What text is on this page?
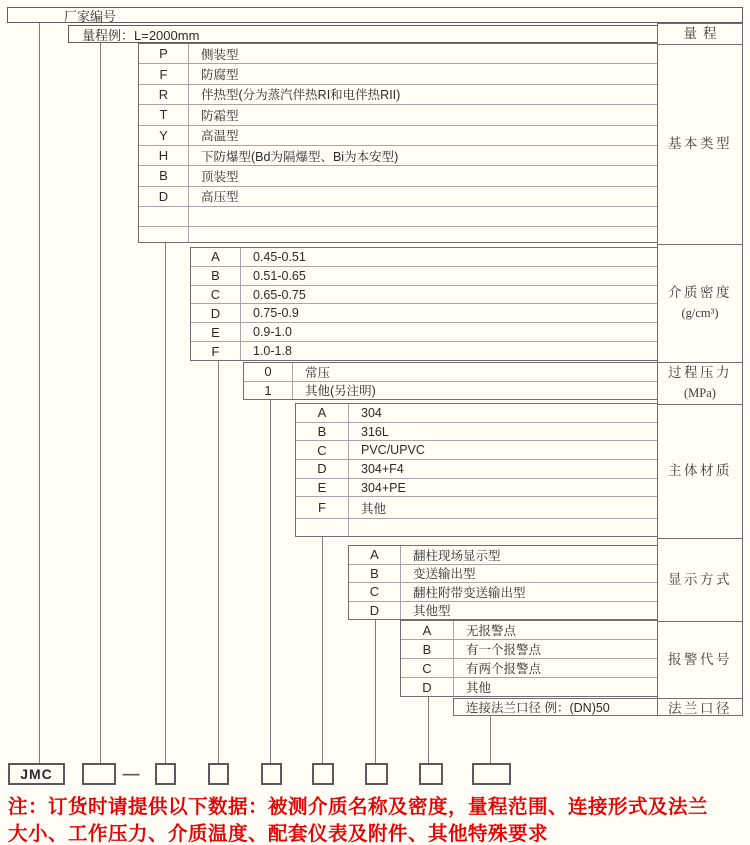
厂家编号
量程例：L=2000mm	量程
基本类型
介质密度
(g/cm³)
过程压力
(MPa)
主体材质
显示方式
报警代号
法兰口径
P	侧装型
F	防腐型
R	伴热型(分为蒸汽伴热RI和电伴热RII)
T	防霜型
Y	高温型
H	下防爆型(Bd为隔爆型、Bi为本安型)
B	顶装型
D	高压型
A	0.45-0.51
B	0.51-0.65
C	0.65-0.75
D	0.75-0.9
E	0.9-1.0
F	1.0-1.8
0	常压
1	其他(另注明)
A	304
B	316L
C	PVC/UPVC
D	304+F4
E	304+PE
F	其他
A	翻柱现场显示型
B	变送输出型
C	翻柱附带变送输出型
D	其他型
A	无报警点
B	有一个报警点
C	有两个报警点
D	其他
连接法兰口径 例：(DN)50
JMC	—
注：订货时请提供以下数据：被测介质名称及密度，量程范围、连接形式及法兰
大小、工作压力、介质温度、配套仪表及附件、其他特殊要求
